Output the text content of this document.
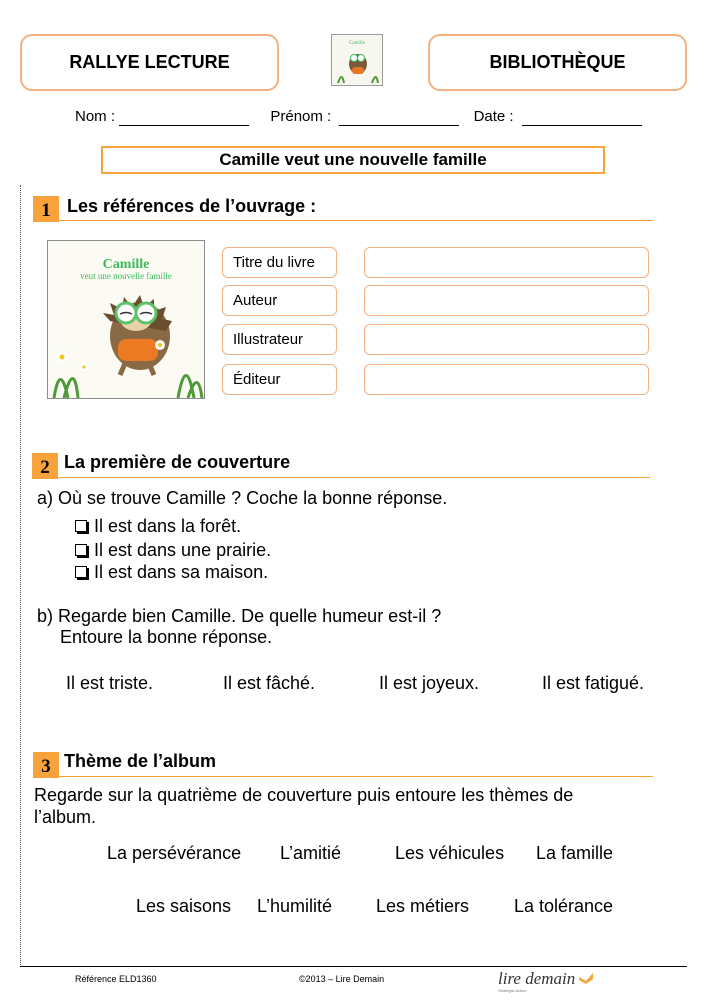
RALLYE LECTURE
Camille
BIBLIOTHÈQUE
Nom :	Prénom :	Date :
Camille veut une nouvelle famille
1 Les références de l’ouvrage :
Camille
veut une nouvelle famille
Titre du livre
Auteur
Illustrateur
Éditeur
2 La première de couverture
a) Où se trouve Camille ? Coche la bonne réponse.
Il est dans la forêt.
Il est dans une prairie.
Il est dans sa maison.
b) Regarde bien Camille. De quelle humeur est-il ?
Entoure la bonne réponse.
Il est triste.	Il est fâché.	Il est joyeux.	Il est fatigué.
3 Thème de l’album
Regarde sur la quatrième de couverture puis entoure les thèmes de
l’album.
La persévérance L’amitié	Les véhicules La famille
Les saisons L’humilité Les métiers La tolérance
Référence ELD1360	©2013 – Lire Demain	lire demain
Stratégie-Action
